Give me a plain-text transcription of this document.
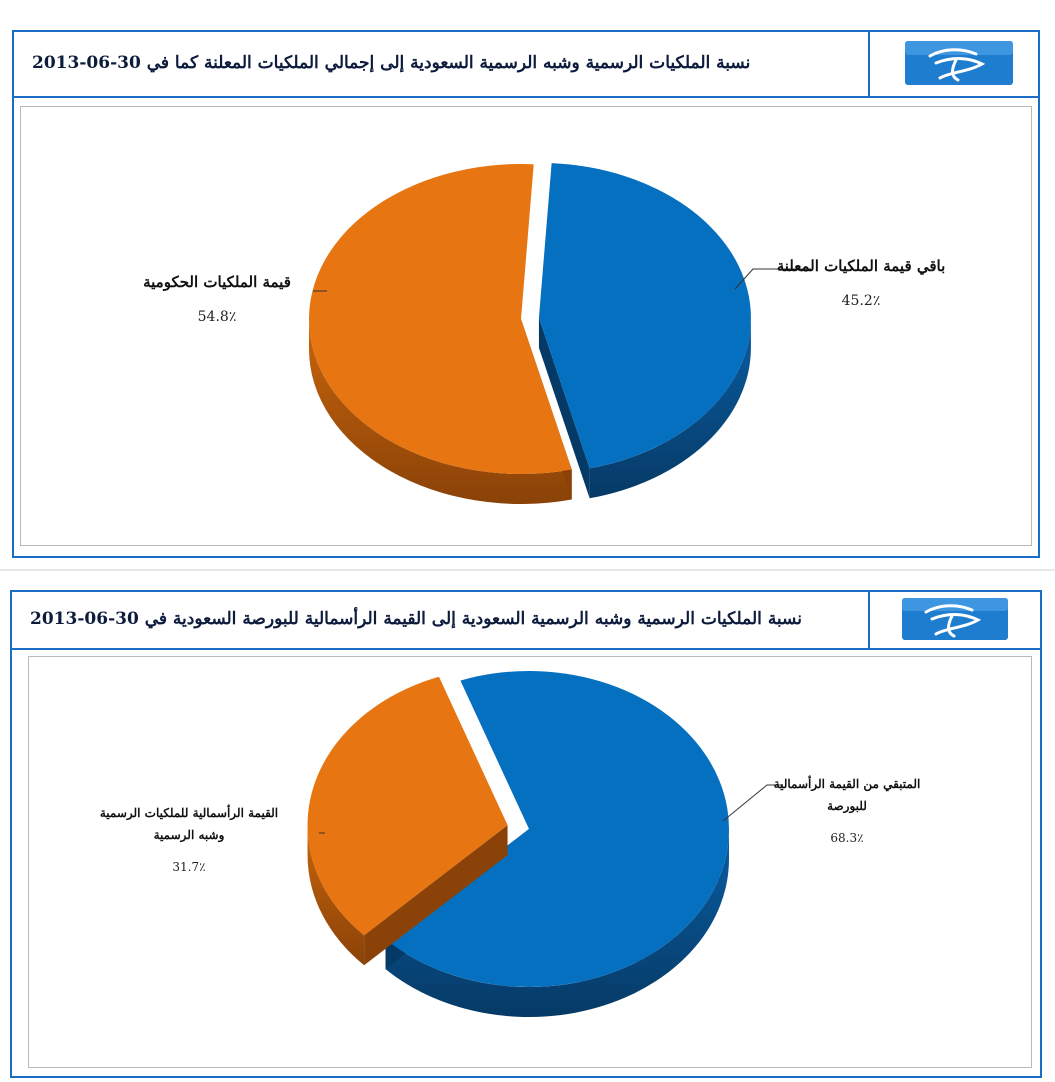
نسبة الملكيات الرسمية وشبه الرسمية السعودية إلى إجمالي الملكيات المعلنة كما في 30-06-2013
باقي قيمة الملكيات المعلنة
45.2٪
قيمة الملكيات الحكومية
54.8٪
نسبة الملكيات الرسمية وشبه الرسمية السعودية إلى القيمة الرأسمالية للبورصة السعودية في 30-06-2013
المتبقي من القيمة الرأسمالية
للبورصة
68.3٪
القيمة الرأسمالية للملكيات الرسمية
وشبه الرسمية
31.7٪
